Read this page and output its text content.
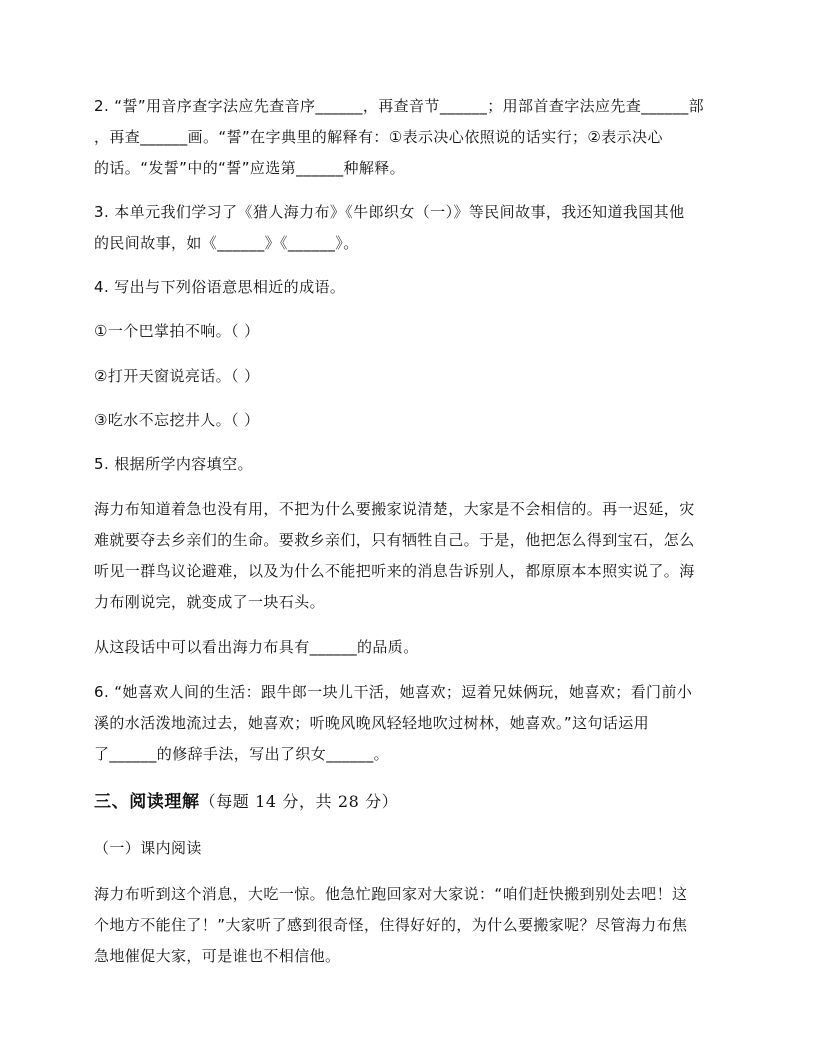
2. “誓”用音序查字法应先查音序______，再查音节______；用部首查字法应先查______部
，再查______画。“誓”在字典里的解释有：①表示决心依照说的话实行；②表示决心
的话。“发誓”中的“誓”应选第______种解释。
3. 本单元我们学习了《猎人海力布》《牛郎织女（一）》等民间故事，我还知道我国其他
的民间故事，如《______》《______》。
4. 写出与下列俗语意思相近的成语。
①一个巴掌拍不响。（ ）
②打开天窗说亮话。（ ）
③吃水不忘挖井人。（ ）
5. 根据所学内容填空。
海力布知道着急也没有用，不把为什么要搬家说清楚，大家是不会相信的。再一迟延，灾
难就要夺去乡亲们的生命。要救乡亲们，只有牺牲自己。于是，他把怎么得到宝石，怎么
听见一群鸟议论避难，以及为什么不能把听来的消息告诉别人，都原原本本照实说了。海
力布刚说完，就变成了一块石头。
从这段话中可以看出海力布具有______的品质。
6. “她喜欢人间的生活：跟牛郎一块儿干活，她喜欢；逗着兄妹俩玩，她喜欢；看门前小
溪的水活泼地流过去，她喜欢；听晚风晚风轻轻地吹过树林，她喜欢。”这句话运用
了______的修辞手法，写出了织女______。
三、阅读理解（每题 14 分，共 28 分）
（一）课内阅读
海力布听到这个消息，大吃一惊。他急忙跑回家对大家说：“咱们赶快搬到别处去吧！这
个地方不能住了！”大家听了感到很奇怪，住得好好的，为什么要搬家呢？尽管海力布焦
急地催促大家，可是谁也不相信他。
